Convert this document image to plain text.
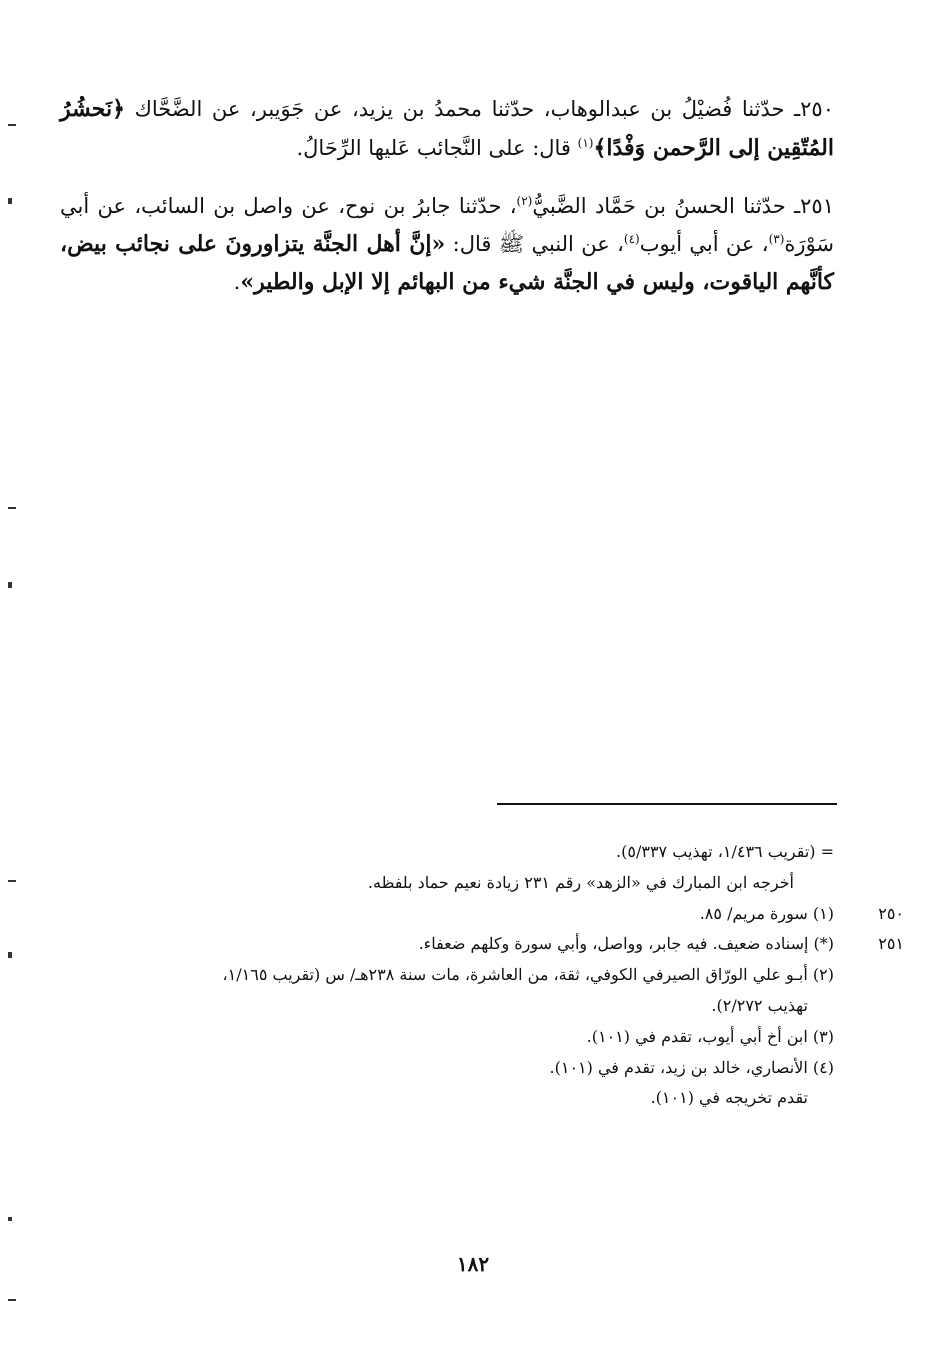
٢٥٠ـ حدّثنا فُضيْلُ بن عبدالوهاب، حدّثنا محمدُ بن يزيد، عن جَوَيبر، عن الضَّحَّاك ﴿نَحشُرُ المُتّقِين إلى الرَّحمن وَفْدًا﴾$^{(١)}$ قال: على النَّجائب عَليها الرِّحَالُ.

٢٥١ـ حدّثنا الحسنُ بن حَمَّاد الضَّبيُّ$^{(٢)}$، حدّثنا جابرُ بن نوح، عن واصل بن السائب، عن أبي سَوْرَة$^{(٣)}$، عن أبي أيوب$^{(٤)}$، عن النبي ﷺ قال: «إنَّ أهل الجنَّة يتزاورونَ على نجائب بيض، كأنَّهم الياقوت، وليس في الجنَّة شيء من البهائم إلا الإبل والطير».

= (تقريب ١/٤٣٦، تهذيب ٥/٣٣٧).

أخرجه ابن المبارك في «الزهد» رقم ٢٣١ زيادة نعيم حماد بلفظه.

٢٥٠
(١) سورة مريم/ ٨٥.

٢٥١
(*) إسناده ضعيف. فيه جابر، وواصل، وأبي سورة وكلهم ضعفاء.

(٢) أبـو علي الورّاق الصيرفي الكوفي، ثقة، من العاشرة، مات سنة ٢٣٨هـ/ س (تقريب ١/١٦٥،

تهذيب ٢/٢٧٢).

(٣) ابن أخ أبي أيوب، تقدم في (١٠١).

(٤) الأنصاري، خالد بن زيد، تقدم في (١٠١).

تقدم تخريجه في (١٠١).

١٨٢
